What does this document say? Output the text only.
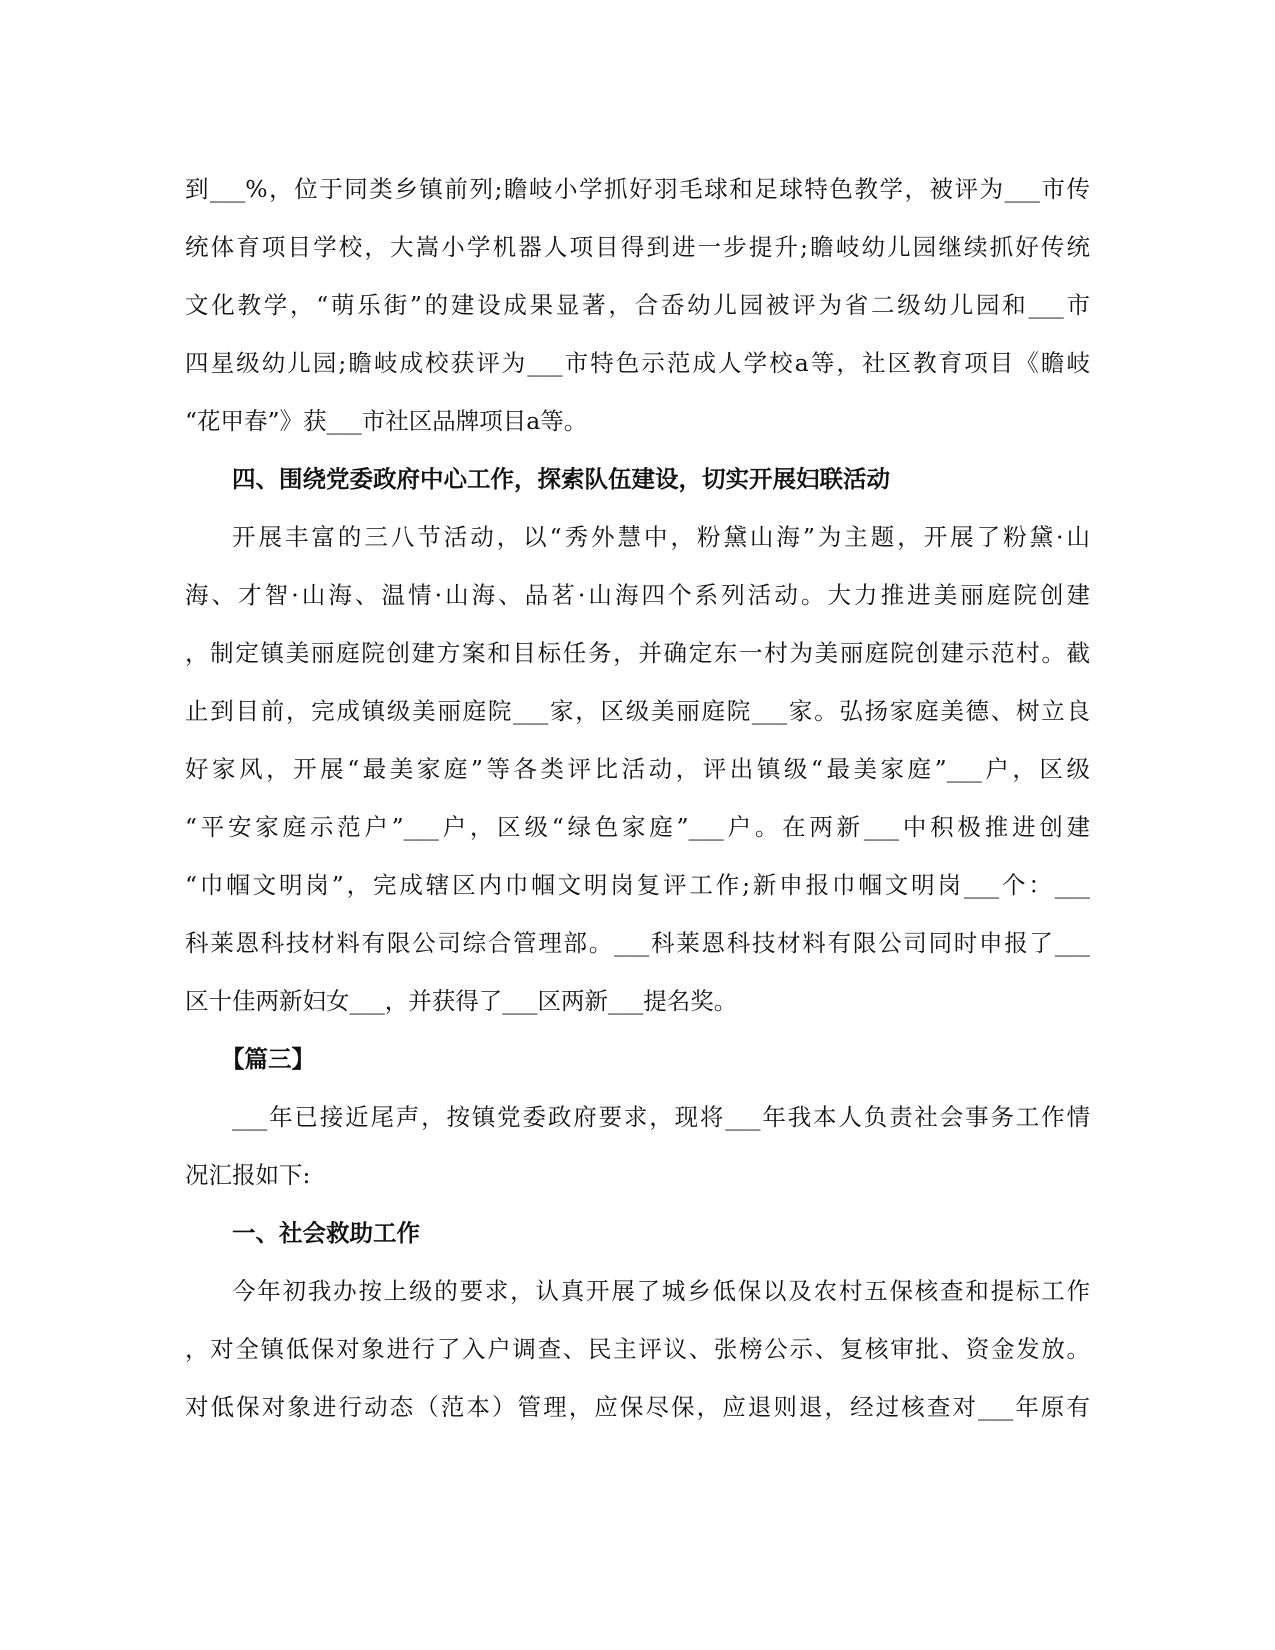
到___%，位于同类乡镇前列;瞻岐小学抓好羽毛球和足球特色教学，被评为___市传
统体育项目学校，大嵩小学机器人项目得到进一步提升;瞻岐幼儿园继续抓好传统
文化教学，“萌乐街”的建设成果显著，合岙幼儿园被评为省二级幼儿园和___市
四星级幼儿园;瞻岐成校获评为___市特色示范成人学校a等，社区教育项目《瞻岐
“花甲春”》获___市社区品牌项目a等。
四、围绕党委政府中心工作，探索队伍建设，切实开展妇联活动
开展丰富的三八节活动，以“秀外慧中，粉黛山海”为主题，开展了粉黛·山
海、才智·山海、温情·山海、品茗·山海四个系列活动。大力推进美丽庭院创建
，制定镇美丽庭院创建方案和目标任务，并确定东一村为美丽庭院创建示范村。截
止到目前，完成镇级美丽庭院___家，区级美丽庭院___家。弘扬家庭美德、树立良
好家风，开展“最美家庭”等各类评比活动，评出镇级“最美家庭”___户，区级
“平安家庭示范户”___户，区级“绿色家庭”___户。在两新___中积极推进创建
“巾帼文明岗”，完成辖区内巾帼文明岗复评工作;新申报巾帼文明岗___个：___
科莱恩科技材料有限公司综合管理部。___科莱恩科技材料有限公司同时申报了___
区十佳两新妇女___，并获得了___区两新___提名奖。
【篇三】
___年已接近尾声，按镇党委政府要求，现将___年我本人负责社会事务工作情
况汇报如下:
一、社会救助工作
今年初我办按上级的要求，认真开展了城乡低保以及农村五保核查和提标工作
，对全镇低保对象进行了入户调查、民主评议、张榜公示、复核审批、资金发放。
对低保对象进行动态（范本）管理，应保尽保，应退则退，经过核查对___年原有
